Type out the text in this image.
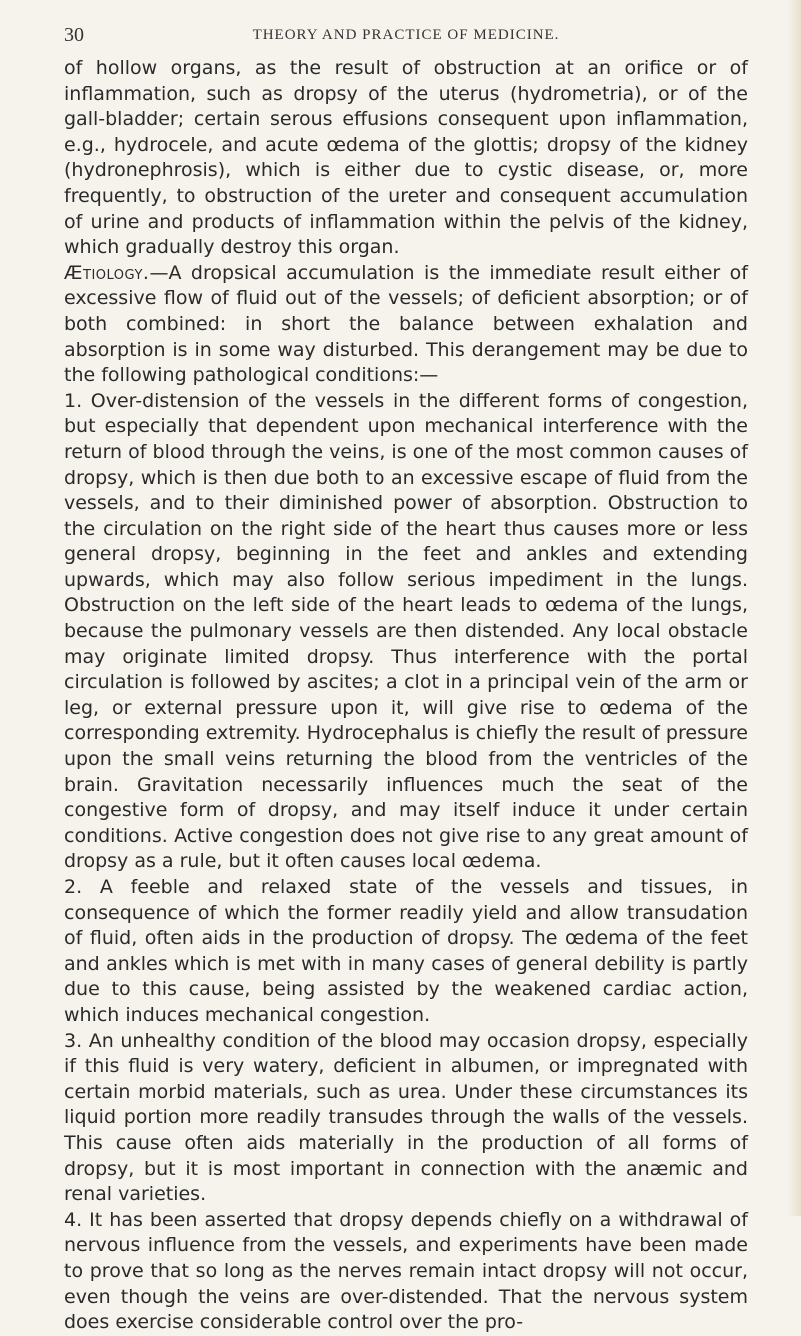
30	THEORY AND PRACTICE OF MEDICINE.

of hollow organs, as the result of obstruction at an orifice or of inflammation, such as dropsy of the uterus (hydrometria), or of the gall-bladder; certain serous effusions consequent upon inflammation, e.g., hydrocele, and acute œdema of the glottis; dropsy of the kidney (hydronephrosis), which is either due to cystic disease, or, more frequently, to obstruction of the ureter and consequent accumulation of urine and products of inflammation within the pelvis of the kidney, which gradually destroy this organ.

Ætiology.—A dropsical accumulation is the immediate result either of excessive flow of fluid out of the vessels; of deficient absorption; or of both combined: in short the balance between exhalation and absorption is in some way disturbed. This derangement may be due to the following pathological conditions:—

1. Over-distension of the vessels in the different forms of congestion, but especially that dependent upon mechanical interference with the return of blood through the veins, is one of the most common causes of dropsy, which is then due both to an excessive escape of fluid from the vessels, and to their diminished power of absorption. Obstruction to the circulation on the right side of the heart thus causes more or less general dropsy, beginning in the feet and ankles and extending upwards, which may also follow serious impediment in the lungs. Obstruction on the left side of the heart leads to œdema of the lungs, because the pulmonary vessels are then distended. Any local obstacle may originate limited dropsy. Thus interference with the portal circulation is followed by ascites; a clot in a principal vein of the arm or leg, or external pressure upon it, will give rise to œdema of the corresponding extremity. Hydrocephalus is chiefly the result of pressure upon the small veins returning the blood from the ventricles of the brain. Gravitation necessarily influences much the seat of the congestive form of dropsy, and may itself induce it under certain conditions. Active congestion does not give rise to any great amount of dropsy as a rule, but it often causes local œdema.

2. A feeble and relaxed state of the vessels and tissues, in consequence of which the former readily yield and allow transudation of fluid, often aids in the production of dropsy. The œdema of the feet and ankles which is met with in many cases of general debility is partly due to this cause, being assisted by the weakened cardiac action, which induces mechanical congestion.

3. An unhealthy condition of the blood may occasion dropsy, especially if this fluid is very watery, deficient in albumen, or impregnated with certain morbid materials, such as urea. Under these circumstances its liquid portion more readily transudes through the walls of the vessels. This cause often aids materially in the production of all forms of dropsy, but it is most important in connection with the anæmic and renal varieties.

4. It has been asserted that dropsy depends chiefly on a withdrawal of nervous influence from the vessels, and experiments have been made to prove that so long as the nerves remain intact dropsy will not occur, even though the veins are over-distended. That the nervous system does exercise considerable control over the pro-
